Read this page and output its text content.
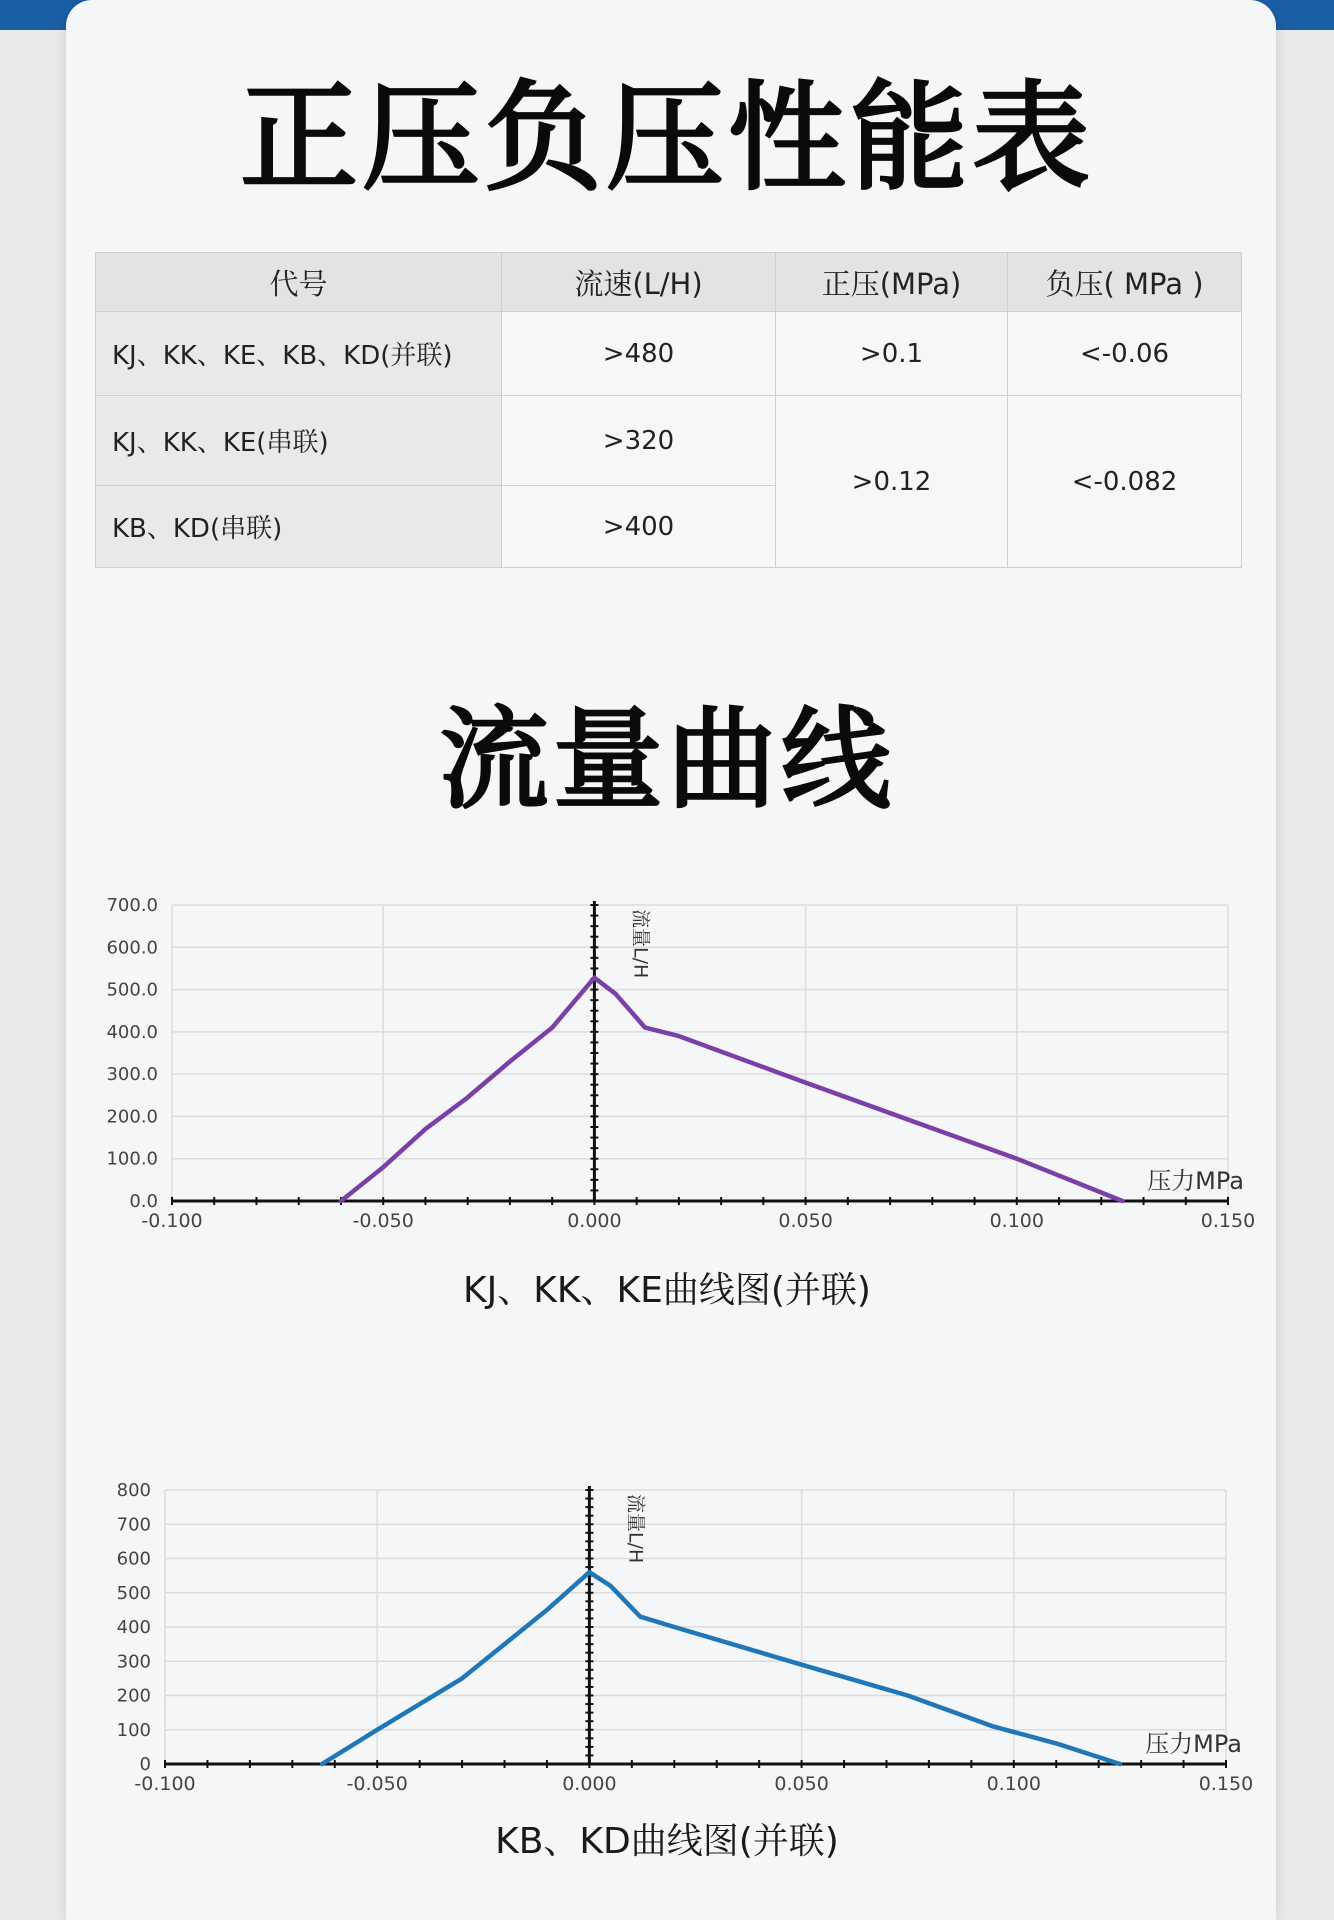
正压负压性能表
代号	流速(L/H)	正压(MPa)	负压( MPa )
KJ、KK、KE、KB、KD(并联)	>480	>0.1	<-0.06
KJ、KK、KE(串联)	>320	>0.12	<-0.082
KB、KD(串联)	>400		
流量曲线
0.0
100.0
200.0
300.0
400.0
500.0
600.0
700.0
-0.100	-0.050	0.000	0.050	0.100	0.150
压力MPa
流量L/H
KJ、KK、KE曲线图(并联)
0
100
200
300
400
500
600
700
800
-0.100	-0.050	0.000	0.050	0.100	0.150
压力MPa
流量L/H
KB、KD曲线图(并联)
